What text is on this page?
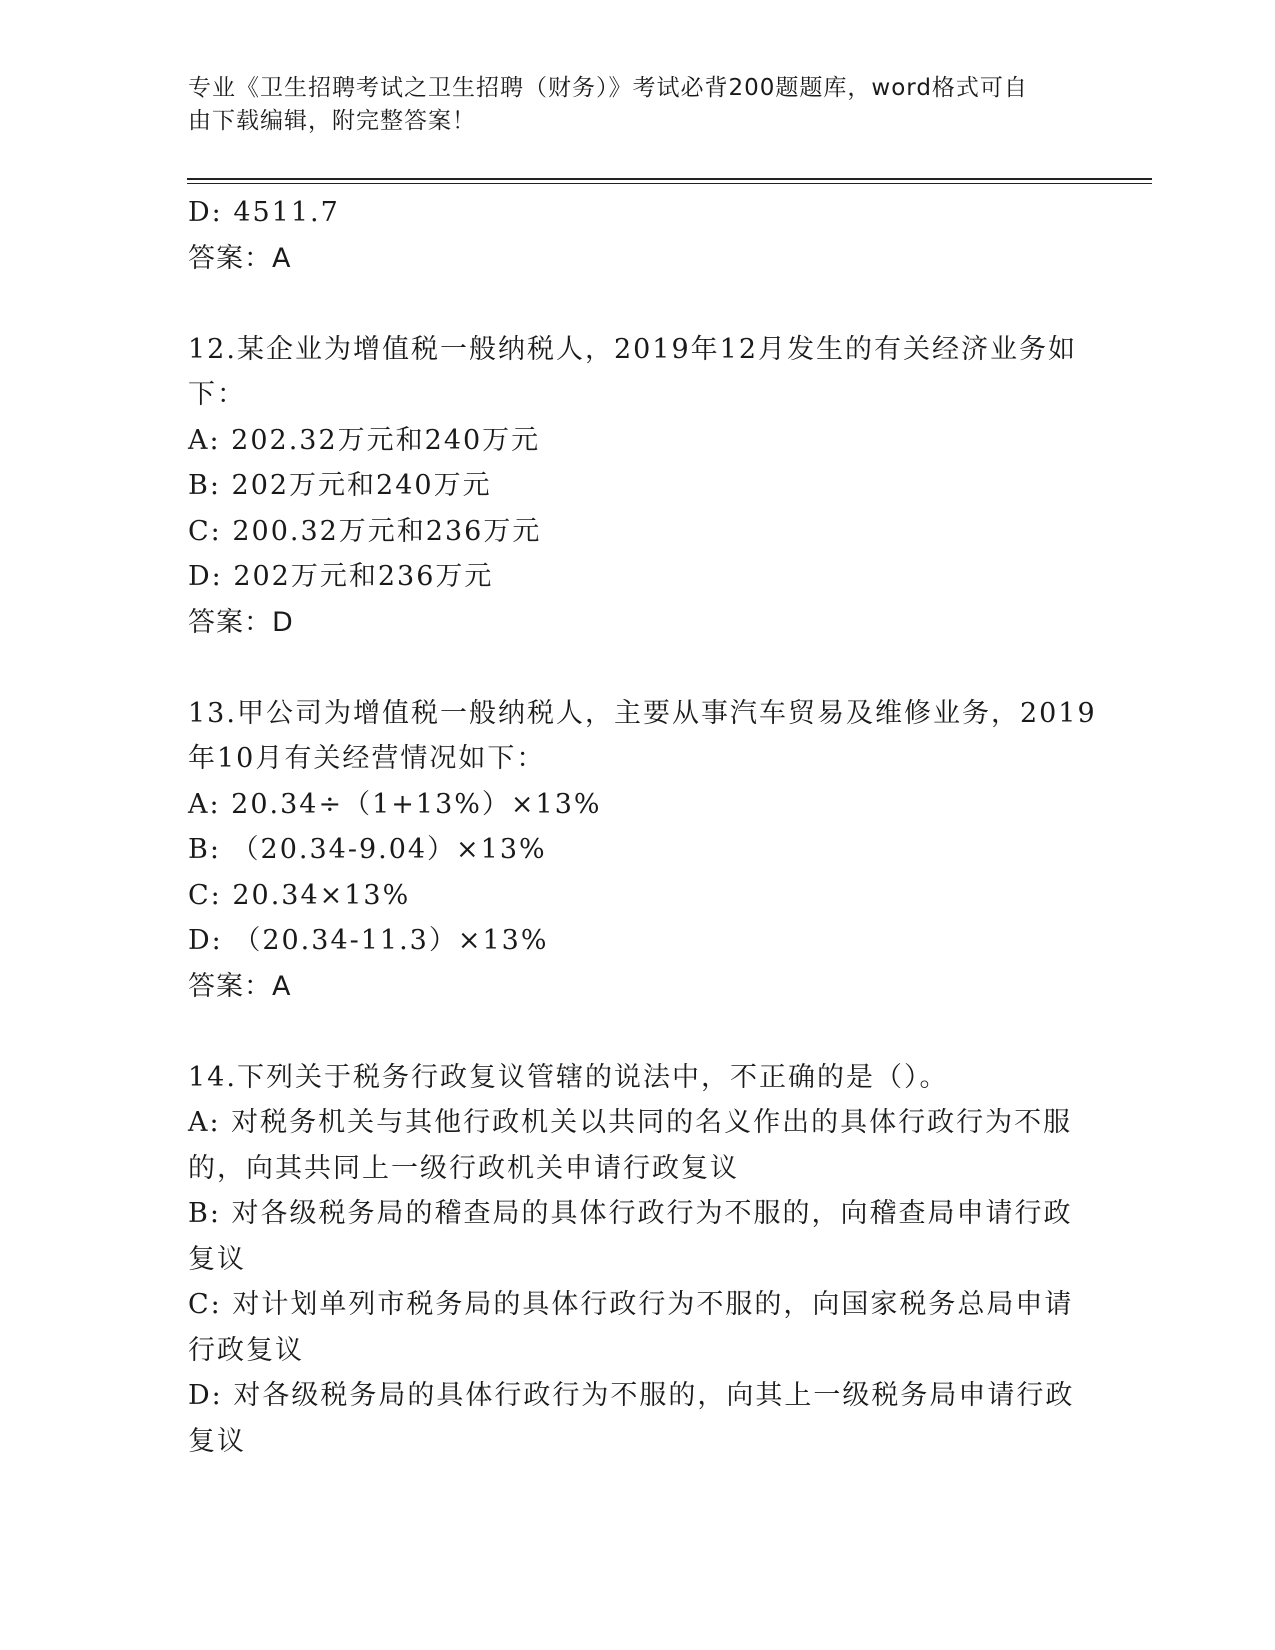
专业《卫生招聘考试之卫生招聘（财务）》考试必背200题题库，word格式可自
由下载编辑，附完整答案！
D: 4511.7
答案：A
12.某企业为增值税一般纳税人，2019年12月发生的有关经济业务如
下：
A: 202.32万元和240万元
B: 202万元和240万元
C: 200.32万元和236万元
D: 202万元和236万元
答案：D
13.甲公司为增值税一般纳税人，主要从事汽车贸易及维修业务，2019
年10月有关经营情况如下：
A: 20.34÷（1+13%）×13%
B: （20.34-9.04）×13%
C: 20.34×13%
D: （20.34-11.3）×13%
答案：A
14.下列关于税务行政复议管辖的说法中，不正确的是（）。
A: 对税务机关与其他行政机关以共同的名义作出的具体行政行为不服
的，向其共同上一级行政机关申请行政复议
B: 对各级税务局的稽查局的具体行政行为不服的，向稽查局申请行政
复议
C: 对计划单列市税务局的具体行政行为不服的，向国家税务总局申请
行政复议
D: 对各级税务局的具体行政行为不服的，向其上一级税务局申请行政
复议
